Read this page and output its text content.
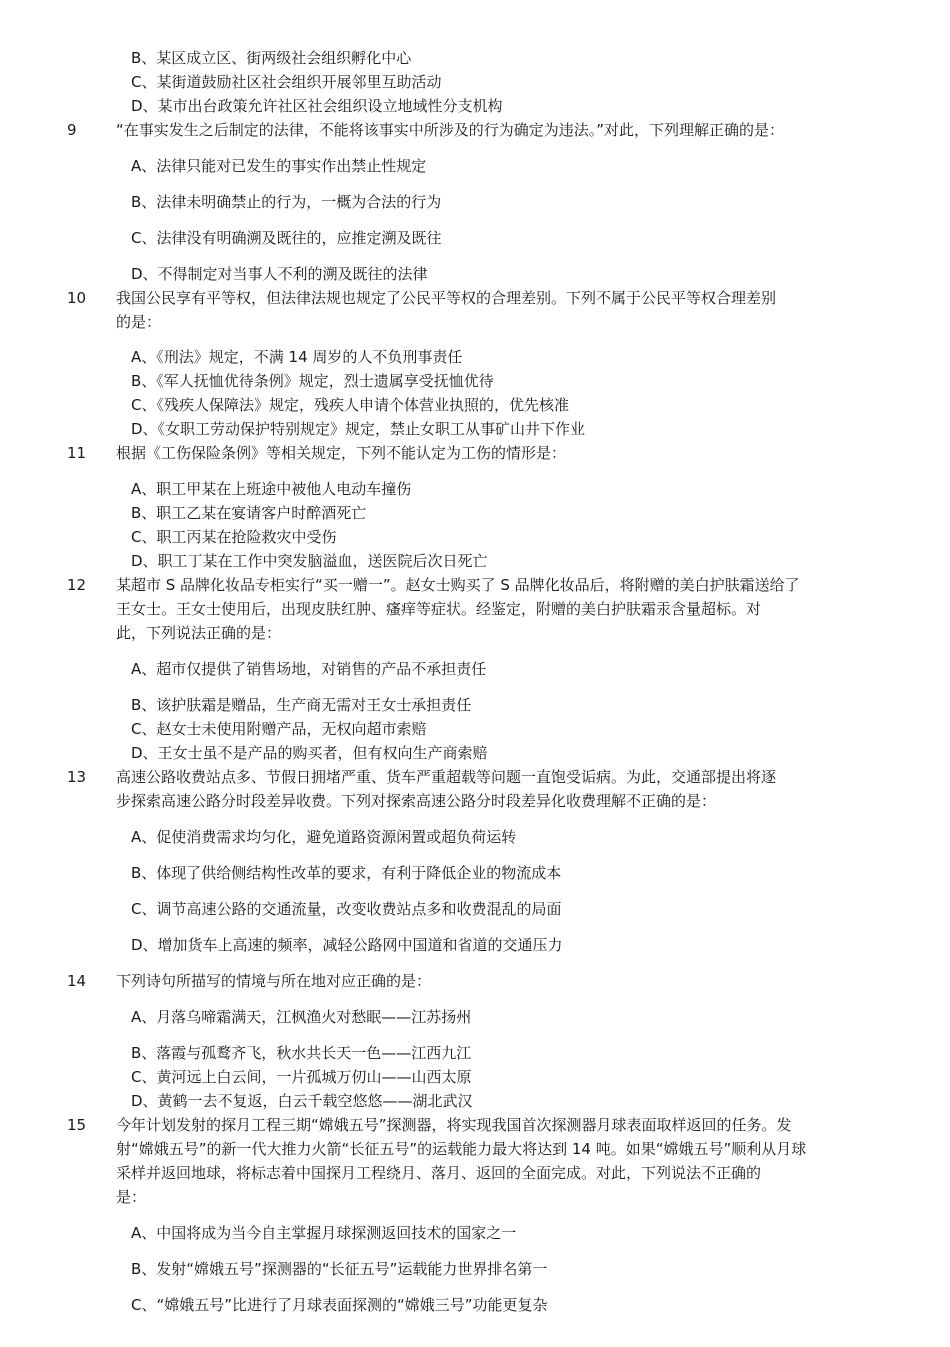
B、某区成立区、街两级社会组织孵化中心
C、某街道鼓励社区社会组织开展邻里互助活动
D、某市出台政策允许社区社会组织设立地域性分支机构
9	“在事实发生之后制定的法律，不能将该事实中所涉及的行为确定为违法。”对此，下列理解正确的是：
A、法律只能对已发生的事实作出禁止性规定
B、法律未明确禁止的行为，一概为合法的行为
C、法律没有明确溯及既往的，应推定溯及既往
D、不得制定对当事人不利的溯及既往的法律
10 我国公民享有平等权，但法律法规也规定了公民平等权的合理差别。下列不属于公民平等权合理差别
的是：
A、《刑法》规定，不满 14 周岁的人不负刑事责任
B、《军人抚恤优待条例》规定，烈士遗属享受抚恤优待
C、《残疾人保障法》规定，残疾人申请个体营业执照的，优先核准
D、《女职工劳动保护特别规定》规定，禁止女职工从事矿山井下作业
11 根据《工伤保险条例》等相关规定，下列不能认定为工伤的情形是：
A、职工甲某在上班途中被他人电动车撞伤
B、职工乙某在宴请客户时醉酒死亡
C、职工丙某在抢险救灾中受伤
D、职工丁某在工作中突发脑溢血，送医院后次日死亡
12 某超市 S 品牌化妆品专柜实行“买一赠一”。赵女士购买了 S 品牌化妆品后，将附赠的美白护肤霜送给了
王女士。王女士使用后，出现皮肤红肿、瘙痒等症状。经鉴定，附赠的美白护肤霜汞含量超标。对
此，下列说法正确的是：
A、超市仅提供了销售场地，对销售的产品不承担责任
B、该护肤霜是赠品，生产商无需对王女士承担责任
C、赵女士未使用附赠产品，无权向超市索赔
D、王女士虽不是产品的购买者，但有权向生产商索赔
13 高速公路收费站点多、节假日拥堵严重、货车严重超载等问题一直饱受诟病。为此，交通部提出将逐
步探索高速公路分时段差异收费。下列对探索高速公路分时段差异化收费理解不正确的是：
A、促使消费需求均匀化，避免道路资源闲置或超负荷运转
B、体现了供给侧结构性改革的要求，有利于降低企业的物流成本
C、调节高速公路的交通流量，改变收费站点多和收费混乱的局面
D、增加货车上高速的频率，减轻公路网中国道和省道的交通压力
14 下列诗句所描写的情境与所在地对应正确的是：
A、月落乌啼霜满天，江枫渔火对愁眠——江苏扬州
B、落霞与孤鹜齐飞，秋水共长天一色——江西九江
C、黄河远上白云间，一片孤城万仞山——山西太原
D、黄鹤一去不复返，白云千载空悠悠——湖北武汉
15 今年计划发射的探月工程三期“嫦娥五号”探测器，将实现我国首次探测器月球表面取样返回的任务。发
射“嫦娥五号”的新一代大推力火箭“长征五号”的运载能力最大将达到 14 吨。如果“嫦娥五号”顺利从月球
采样并返回地球，将标志着中国探月工程绕月、落月、返回的全面完成。对此，下列说法不正确的
是：
A、中国将成为当今自主掌握月球探测返回技术的国家之一
B、发射“嫦娥五号”探测器的“长征五号”运载能力世界排名第一
C、“嫦娥五号”比进行了月球表面探测的“嫦娥三号”功能更复杂
